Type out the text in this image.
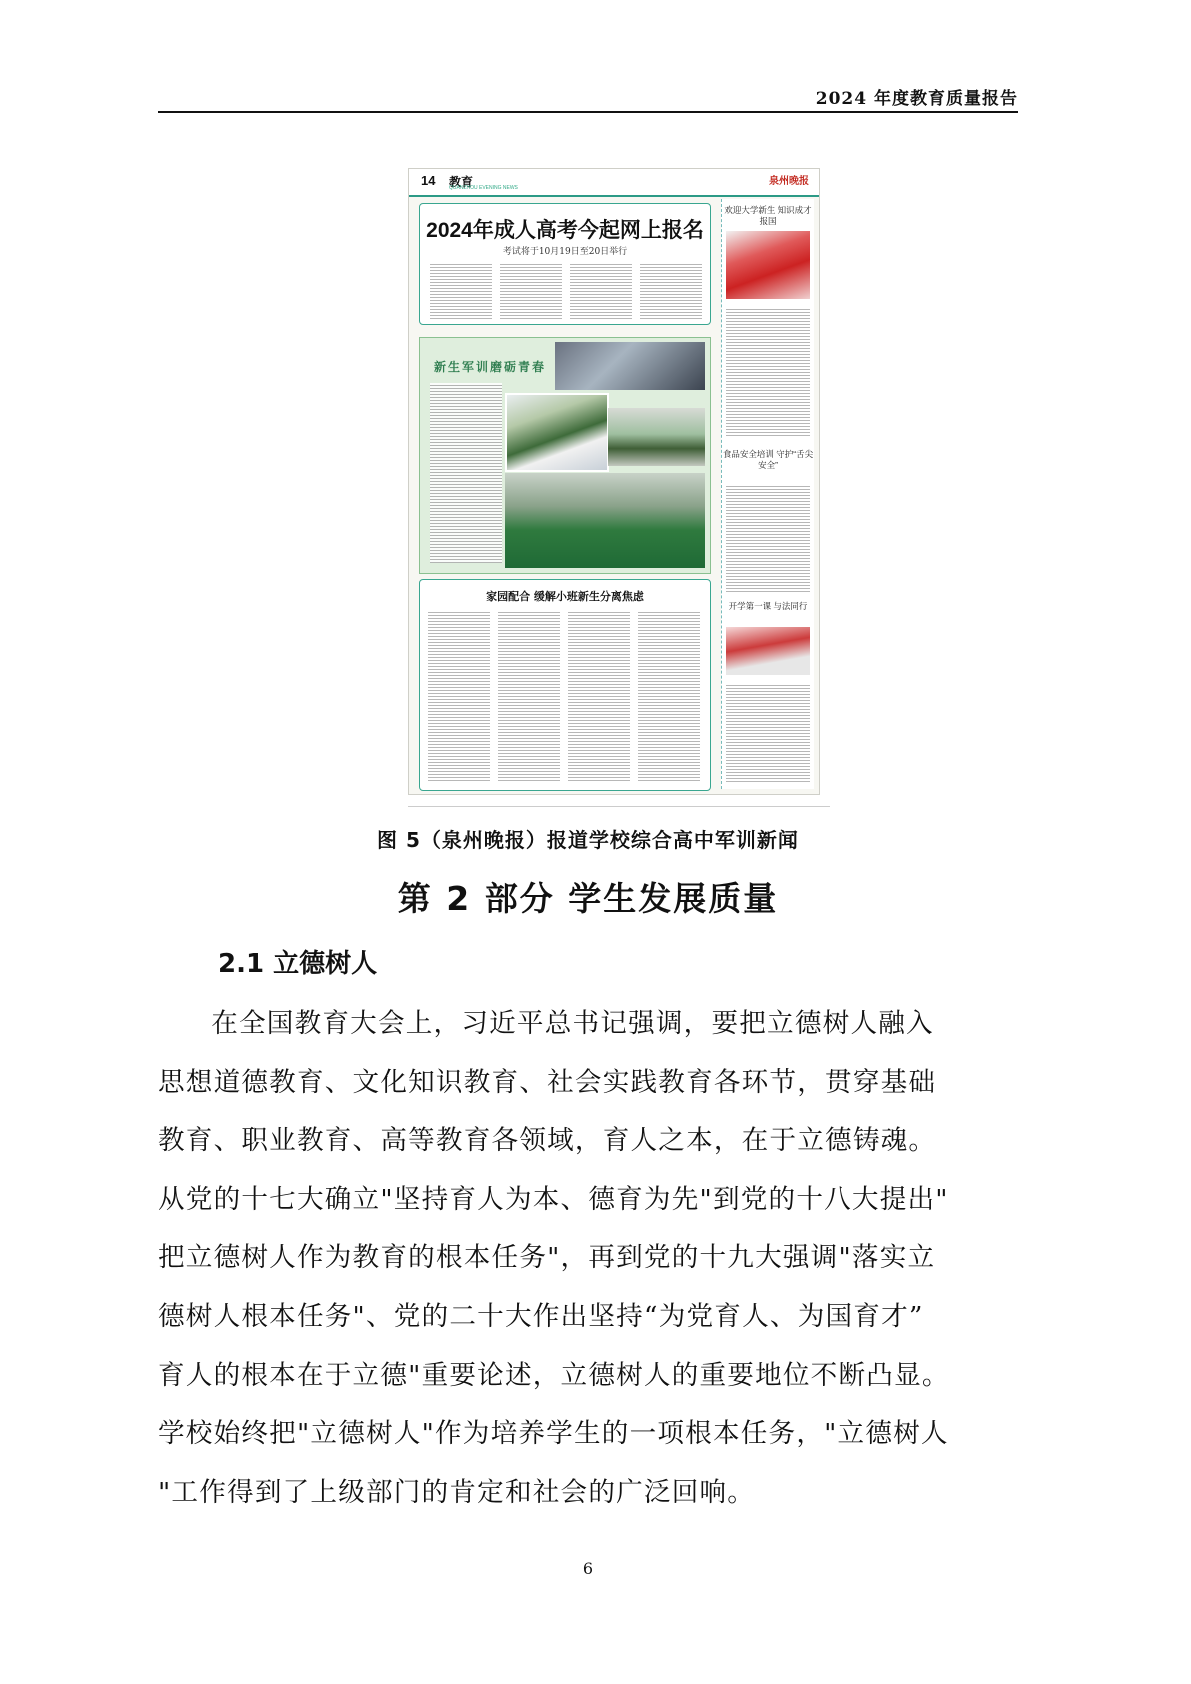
2024 年度教育质量报告
14 教育
QUANZHOU EVENING NEWS
泉州晚报
2024年成人高考今起网上报名
考试将于10月19日至20日举行
新生军训磨砺青春
家园配合 缓解小班新生分离焦虑
欢迎大学新生 知识成才报国
食品安全培训 守护“舌尖安全”
开学第一课 与法同行
图 5（泉州晚报）报道学校综合高中军训新闻
第 2 部分 学生发展质量
2.1 立德树人
在全国教育大会上，习近平总书记强调，要把立德树人融入
思想道德教育、文化知识教育、社会实践教育各环节，贯穿基础
教育、职业教育、高等教育各领域，育人之本，在于立德铸魂。
从党的十七大确立"坚持育人为本、德育为先"到党的十八大提出"
把立德树人作为教育的根本任务"，再到党的十九大强调"落实立
德树人根本任务"、党的二十大作出坚持“为党育人、为国育才”
育人的根本在于立德"重要论述，立德树人的重要地位不断凸显。
学校始终把"立德树人"作为培养学生的一项根本任务，"立德树人
"工作得到了上级部门的肯定和社会的广泛回响。
6
